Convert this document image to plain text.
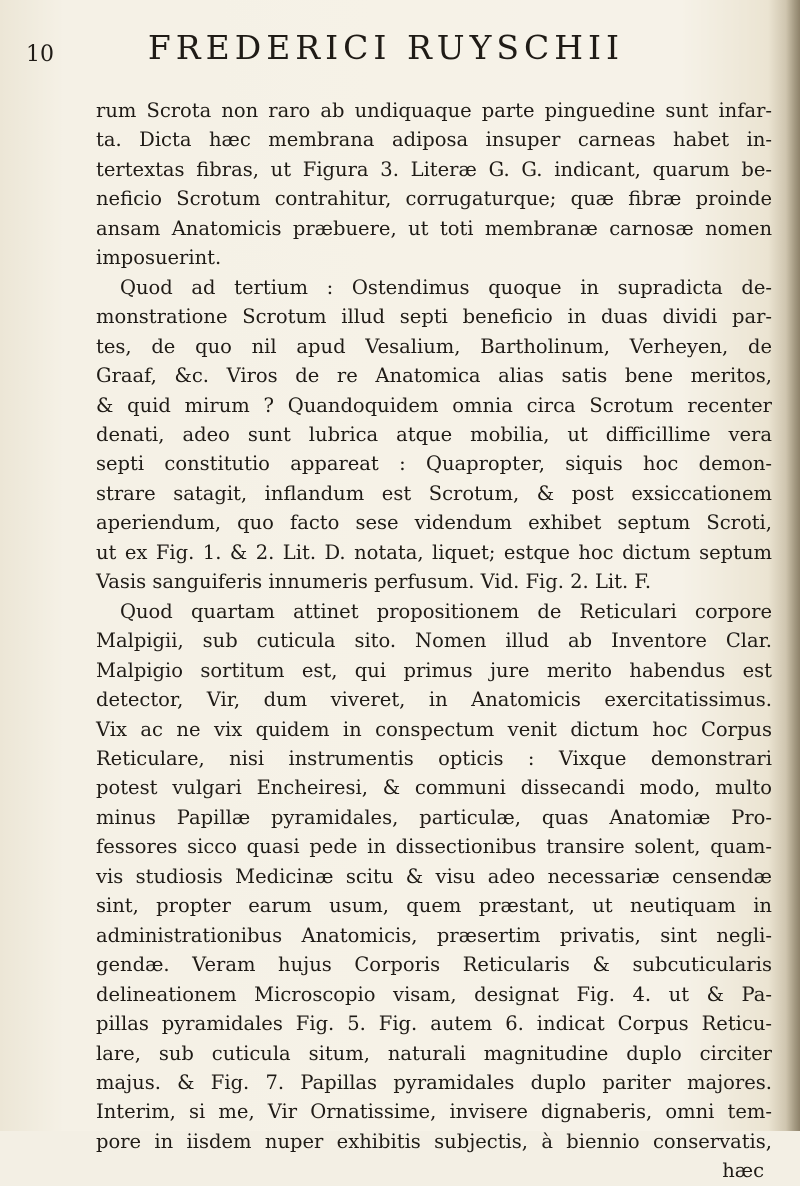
10	FREDERICI RUYSCHII
rum Scrota non raro ab undiquaque parte pinguedine sunt infar-
ta. Dicta hæc membrana adiposa insuper carneas habet in-
tertextas fibras, ut Figura 3. Literæ G. G. indicant, quarum be-
neficio Scrotum contrahitur, corrugaturque; quæ fibræ proinde
ansam Anatomicis præbuere, ut toti membranæ carnosæ nomen
imposuerint.
Quod ad tertium : Ostendimus quoque in supradicta de-
monstratione Scrotum illud septi beneficio in duas dividi par-
tes, de quo nil apud Vesalium, Bartholinum, Verheyen, de
Graaf, &c. Viros de re Anatomica alias satis bene meritos,
& quid mirum ? Quandoquidem omnia circa Scrotum recenter
denati, adeo sunt lubrica atque mobilia, ut difficillime vera
septi constitutio appareat : Quapropter, siquis hoc demon-
strare satagit, inflandum est Scrotum, & post exsiccationem
aperiendum, quo facto sese videndum exhibet septum Scroti,
ut ex Fig. 1. & 2. Lit. D. notata, liquet; estque hoc dictum septum
Vasis sanguiferis innumeris perfusum. Vid. Fig. 2. Lit. F.
Quod quartam attinet propositionem de Reticulari corpore
Malpigii, sub cuticula sito. Nomen illud ab Inventore Clar.
Malpigio sortitum est, qui primus jure merito habendus est
detector, Vir, dum viveret, in Anatomicis exercitatissimus.
Vix ac ne vix quidem in conspectum venit dictum hoc Corpus
Reticulare, nisi instrumentis opticis : Vixque demonstrari
potest vulgari Encheiresi, & communi dissecandi modo, multo
minus Papillæ pyramidales, particulæ, quas Anatomiæ Pro-
fessores sicco quasi pede in dissectionibus transire solent, quam-
vis studiosis Medicinæ scitu & visu adeo necessariæ censendæ
sint, propter earum usum, quem præstant, ut neutiquam in
administrationibus Anatomicis, præsertim privatis, sint negli-
gendæ. Veram hujus Corporis Reticularis & subcuticularis
delineationem Microscopio visam, designat Fig. 4. ut & Pa-
pillas pyramidales Fig. 5. Fig. autem 6. indicat Corpus Reticu-
lare, sub cuticula situm, naturali magnitudine duplo circiter
majus. & Fig. 7. Papillas pyramidales duplo pariter majores.
Interim, si me, Vir Ornatissime, invisere dignaberis, omni tem-
pore in iisdem nuper exhibitis subjectis, à biennio conservatis,
hæc
